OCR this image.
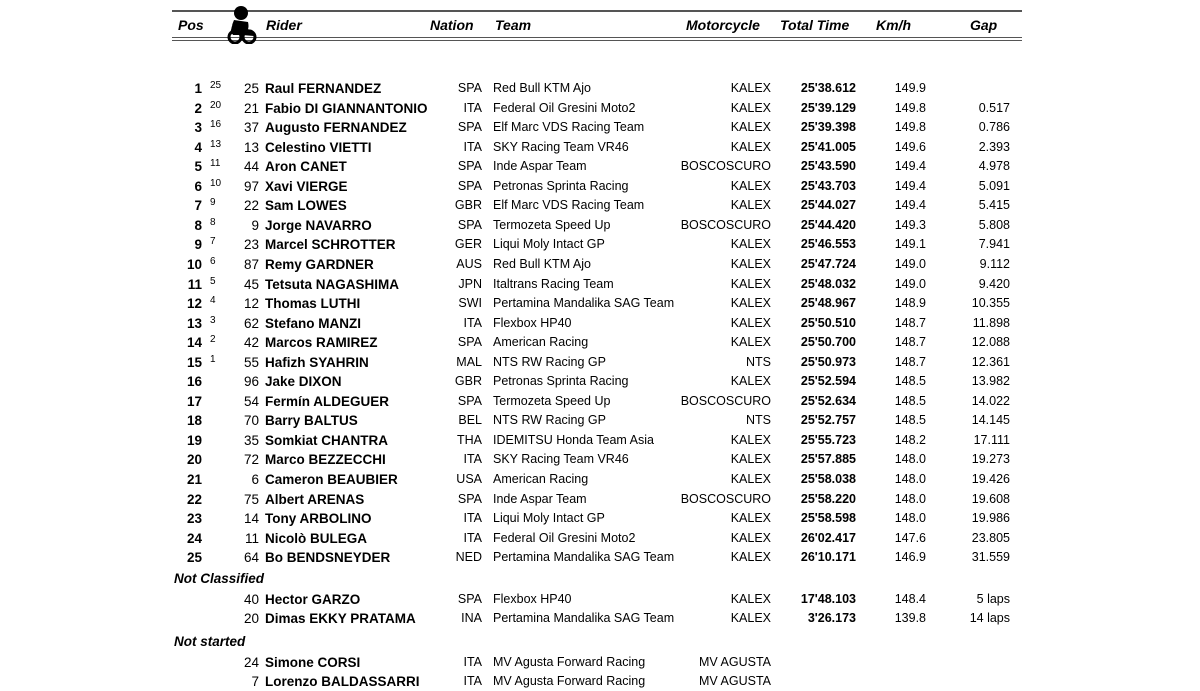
Pos	Rider	Nation Team	Motorcycle Total Time Km/h	Gap
1 25	25 Raul FERNANDEZ	SPA Red Bull KTM Ajo	KALEX	25'38.612	149.9
2 20	21 Fabio DI GIANNANTONIO	ITA Federal Oil Gresini Moto2	KALEX	25'39.129	149.8	0.517
3 16	37 Augusto FERNANDEZ	SPA Elf Marc VDS Racing Team	KALEX	25'39.398	149.8	0.786
4 13	13 Celestino VIETTI	ITA SKY Racing Team VR46	KALEX	25'41.005	149.6	2.393
5 11	44 Aron CANET	SPA Inde Aspar Team	BOSCOSCURO	25'43.590	149.4	4.978
6 10	97 Xavi VIERGE	SPA Petronas Sprinta Racing	KALEX	25'43.703	149.4	5.091
7 9	22 Sam LOWES	GBR Elf Marc VDS Racing Team	KALEX	25'44.027	149.4	5.415
8 8	9 Jorge NAVARRO	SPA Termozeta Speed Up	BOSCOSCURO	25'44.420	149.3	5.808
9 7	23 Marcel SCHROTTER	GER Liqui Moly Intact GP	KALEX	25'46.553	149.1	7.941
10 6	87 Remy GARDNER	AUS Red Bull KTM Ajo	KALEX	25'47.724	149.0	9.112
11 5	45 Tetsuta NAGASHIMA	JPN Italtrans Racing Team	KALEX	25'48.032	149.0	9.420
12 4	12 Thomas LUTHI	SWI Pertamina Mandalika SAG Team	KALEX	25'48.967	148.9	10.355
13 3	62 Stefano MANZI	ITA Flexbox HP40	KALEX	25'50.510	148.7	11.898
14 2	42 Marcos RAMIREZ	SPA American Racing	KALEX	25'50.700	148.7	12.088
15 1	55 Hafizh SYAHRIN	MAL NTS RW Racing GP	NTS	25'50.973	148.7	12.361
16	96 Jake DIXON	GBR Petronas Sprinta Racing	KALEX	25'52.594	148.5	13.982
17	54 Fermín ALDEGUER	SPA Termozeta Speed Up	BOSCOSCURO	25'52.634	148.5	14.022
18	70 Barry BALTUS	BEL NTS RW Racing GP	NTS	25'52.757	148.5	14.145
19	35 Somkiat CHANTRA	THA IDEMITSU Honda Team Asia	KALEX	25'55.723	148.2	17.111
20	72 Marco BEZZECCHI	ITA SKY Racing Team VR46	KALEX	25'57.885	148.0	19.273
21	6 Cameron BEAUBIER	USA American Racing	KALEX	25'58.038	148.0	19.426
22	75 Albert ARENAS	SPA Inde Aspar Team	BOSCOSCURO	25'58.220	148.0	19.608
23	14 Tony ARBOLINO	ITA Liqui Moly Intact GP	KALEX	25'58.598	148.0	19.986
24	11 Nicolò BULEGA	ITA Federal Oil Gresini Moto2	KALEX	26'02.417	147.6	23.805
25	64 Bo BENDSNEYDER	NED Pertamina Mandalika SAG Team	KALEX	26'10.171	146.9	31.559
40 Hector GARZO	SPA Flexbox HP40	KALEX	17'48.103	148.4	5 laps
20 Dimas EKKY PRATAMA	INA Pertamina Mandalika SAG Team	KALEX	3'26.173	139.8	14 laps
24 Simone CORSI	ITA MV Agusta Forward Racing	MV AGUSTA
7 Lorenzo BALDASSARRI	ITA MV Agusta Forward Racing	MV AGUSTA
Not Classified
Not started
